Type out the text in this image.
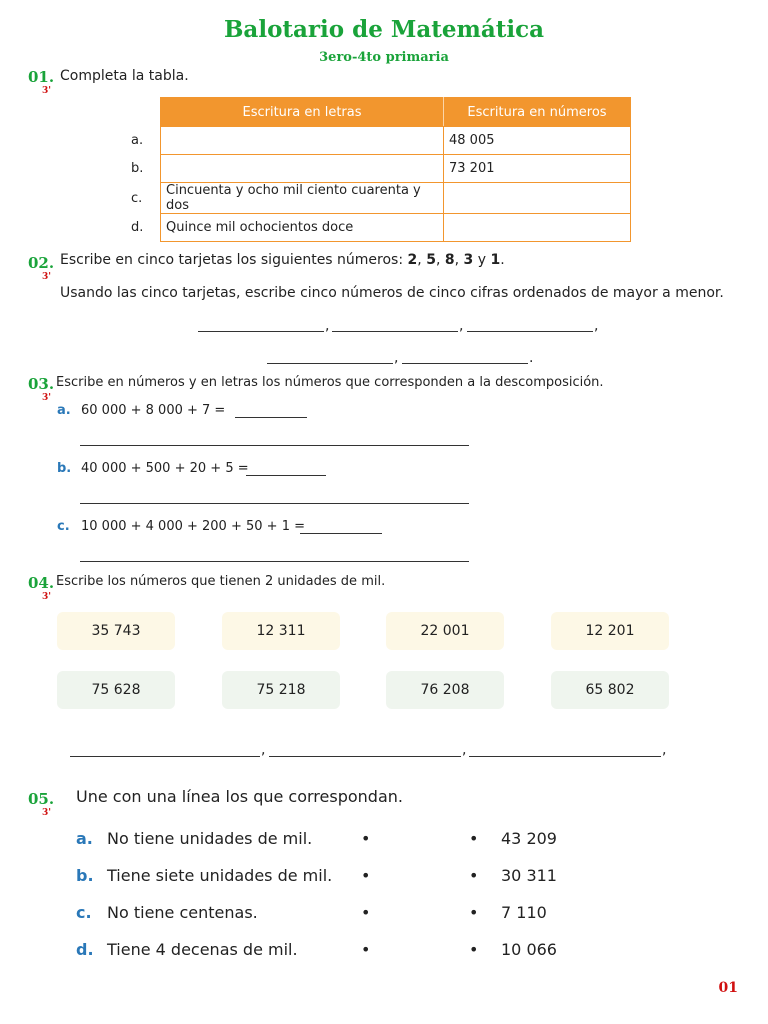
Balotario de Matemática
3ero-4to primaria
01.
3'
Completa la tabla.
	Escritura en letras	Escritura en números
a.		48 005
b.		73 201
c.	Cincuenta y ocho mil ciento cuarenta y dos	
d.	Quince mil ochocientos doce	
02.
3'
Escribe en cinco tarjetas los siguientes números: 2, 5, 8, 3 y 1.
Usando las cinco tarjetas, escribe cinco números de cinco cifras ordenados de mayor a menor.
,	,	,
,	.
03.
3'
Escribe en números y en letras los números que corresponden a la descomposición.
a. 60 000 + 8 000 + 7 =
b. 40 000 + 500 + 20 + 5 =
c. 10 000 + 4 000 + 200 + 50 + 1 =
04.
3'
Escribe los números que tienen 2 unidades de mil.
35 743	12 311	22 001	12 201
75 628	75 218	76 208	65 802
,	,	,
05.
3'
Une con una línea los que correspondan.
a. No tiene unidades de mil.	•	• 43 209
b. Tiene siete unidades de mil. •	• 30 311
c. No tiene centenas.	•	• 7 110
d. Tiene 4 decenas de mil.	•	• 10 066
01
